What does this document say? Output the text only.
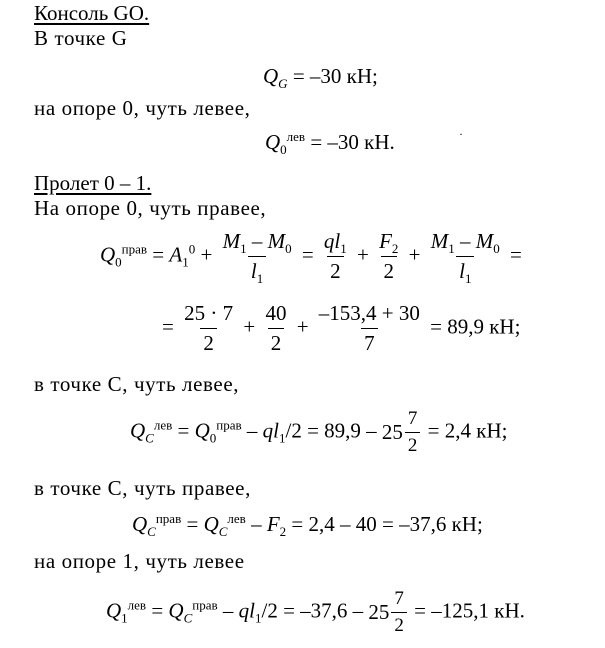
Консоль GO.
В точке G
$Q_G = -30$ кН;
на опоре 0, чуть левее,
$Q_0^{лев} = -30$ кН.	·
Пролет 0 – 1.
На опоре 0, чуть правее,
$Q_0^{прав} = A_1^0 + \frac{M_1 - M_0}{l_1} = \frac{ql_1}{2} + \frac{F_2}{2} + \frac{M_1 - M_0}{l_1}$ =
= $\frac{25 \cdot 7}{2} + \frac{40}{2} + \frac{-153,4 + 30}{7} = 89,9$ кН;
в точке C, чуть левее,
$Q_C^{лев} = Q_0^{прав} - ql_1/2 = 89,9 - 25 \frac{7}{2} = 2,4$ кН;
в точке C, чуть правее,
$Q_C^{прав} = Q_C^{лев} - F_2 = 2,4 - 40 = -37,6$ кН;
на опоре 1, чуть левее
$Q_1^{лев} = Q_C^{прав} - ql_1/2 = -37,6 - 25 \frac{7}{2} = -125,1$ кН.
